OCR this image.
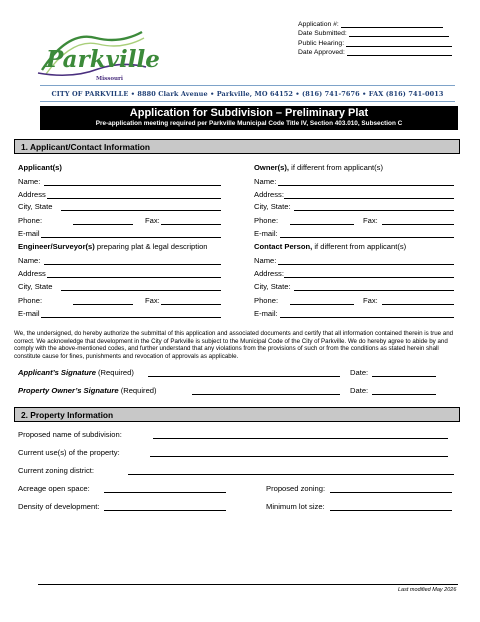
Application #:
Date Submitted:
Public Hearing:
Date Approved:
Parkville
Missouri
CITY OF PARKVILLE • 8880 Clark Avenue • Parkville, MO 64152 • (816) 741-7676 • FAX (816) 741-0013
Application for Subdivision – Preliminary Plat
Pre-application meeting required per Parkville Municipal Code Title IV, Section 403.010, Subsection C
1. Applicant/Contact Information
Applicant(s)
Name:
Address
City, State
Phone:	Fax:
E-mail
Owner(s), if different from applicant(s)
Name:
Address:
City, State:
Phone:	Fax:
E-mail:
Engineer/Surveyor(s) preparing plat & legal description
Name:
Address
City, State
Phone:	Fax:
E-mail
Contact Person, if different from applicant(s)
Name:
Address:
City, State:
Phone:	Fax:
E-mail:
We, the undersigned, do hereby authorize the submittal of this application and associated documents and certify that all information contained therein is true and correct. We acknowledge that development in the City of Parkville is subject to the Municipal Code of the City of Parkville. We do hereby agree to abide by and comply with the above-mentioned codes, and further understand that any violations from the provisions of such or from the conditions as stated herein shall constitute cause for fines, punishments and revocation of approvals as applicable.
Applicant’s Signature (Required)	Date:
Property Owner’s Signature (Required)	Date:
2. Property Information
Proposed name of subdivision:
Current use(s) of the property:
Current zoning district:
Acreage open space:	Proposed zoning:
Density of development:	Minimum lot size:
Last modified May 2026
